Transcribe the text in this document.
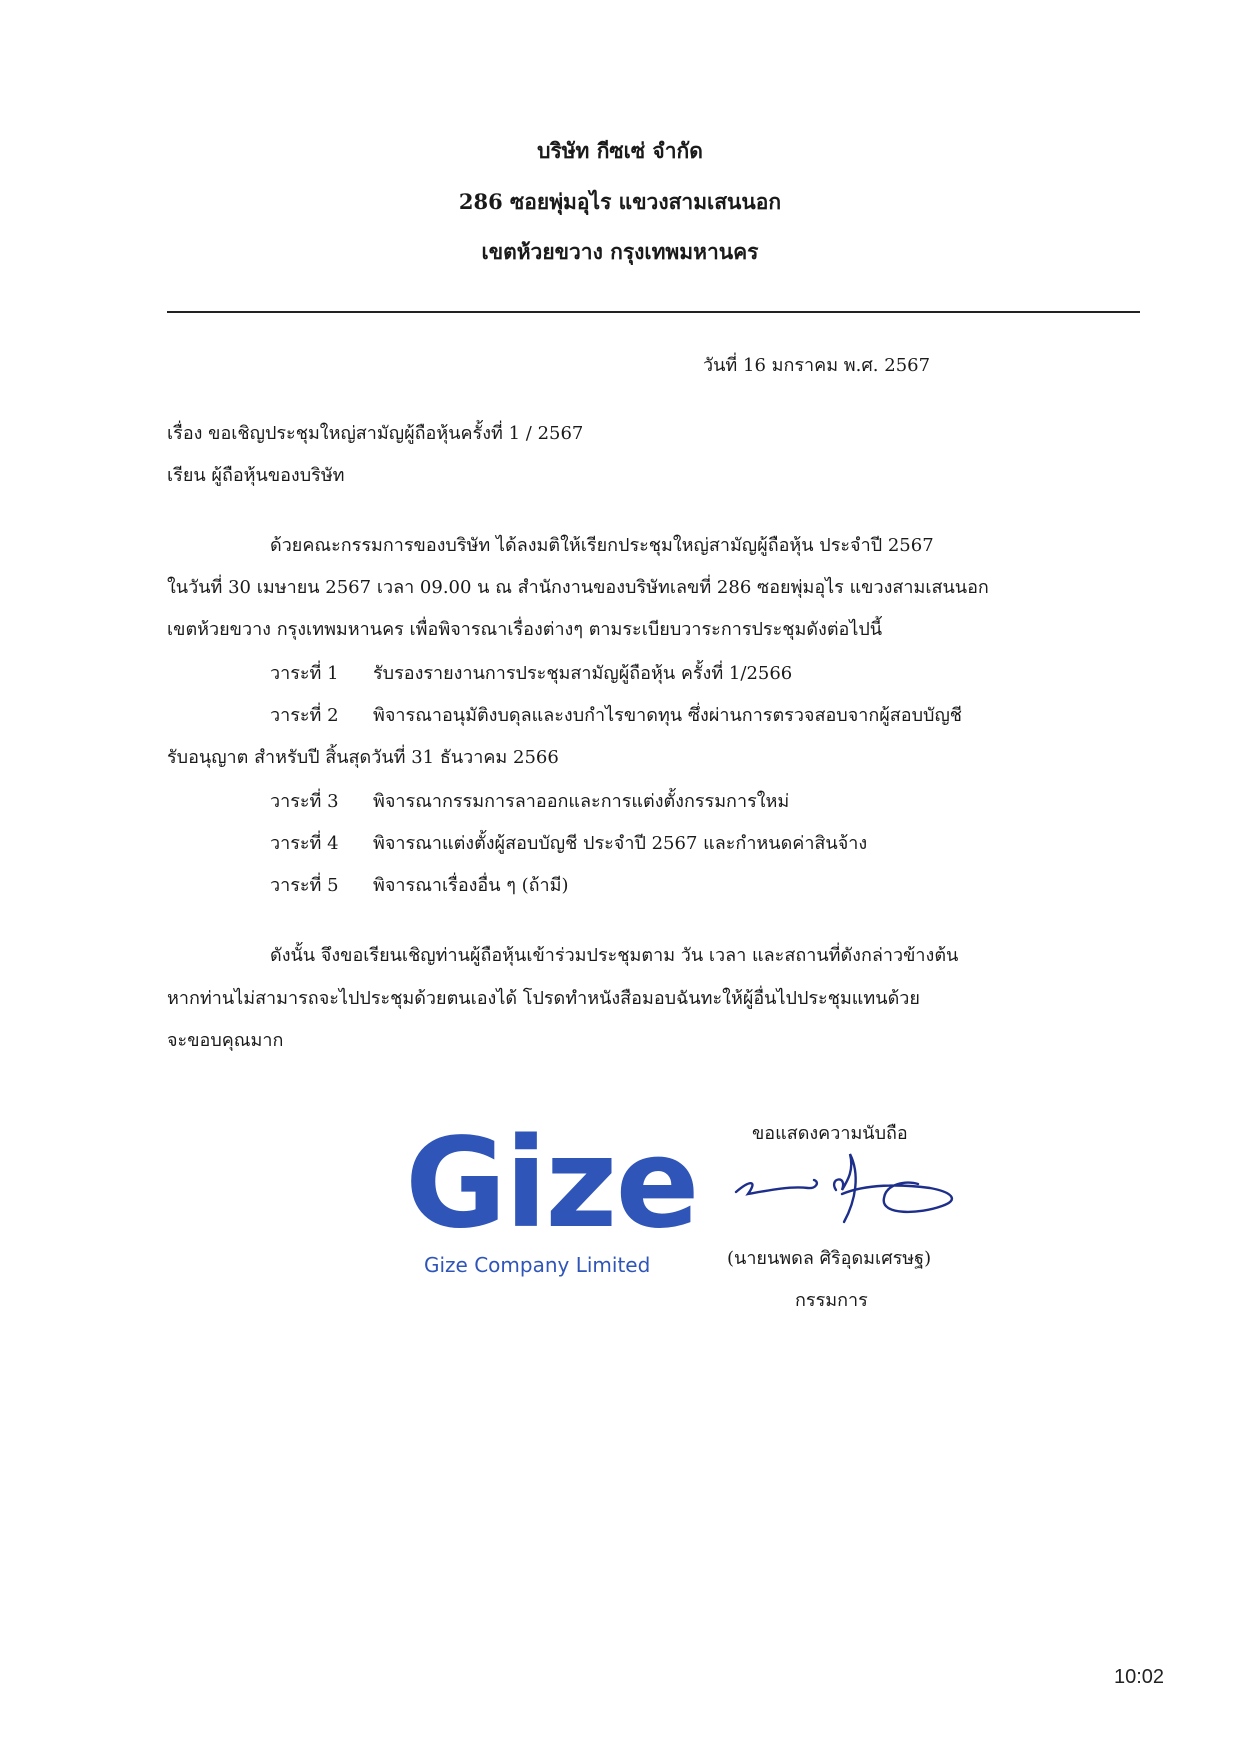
บริษัท กีซเซ่ จำกัด
286 ซอยพุ่มอุไร แขวงสามเสนนอก
เขตห้วยขวาง กรุงเทพมหานคร
วันที่ 16 มกราคม พ.ศ. 2567
เรื่อง ขอเชิญประชุมใหญ่สามัญผู้ถือหุ้นครั้งที่ 1 / 2567
เรียน ผู้ถือหุ้นของบริษัท
ด้วยคณะกรรมการของบริษัท ได้ลงมติให้เรียกประชุมใหญ่สามัญผู้ถือหุ้น ประจำปี 2567
ในวันที่ 30 เมษายน 2567 เวลา 09.00 น ณ สำนักงานของบริษัทเลขที่ 286 ซอยพุ่มอุไร แขวงสามเสนนอก
เขตห้วยขวาง กรุงเทพมหานคร เพื่อพิจารณาเรื่องต่างๆ ตามระเบียบวาระการประชุมดังต่อไปนี้
วาระที่ 1 รับรองรายงานการประชุมสามัญผู้ถือหุ้น ครั้งที่ 1/2566
วาระที่ 2 พิจารณาอนุมัติงบดุลและงบกำไรขาดทุน ซึ่งผ่านการตรวจสอบจากผู้สอบบัญชี
รับอนุญาต สำหรับปี สิ้นสุดวันที่ 31 ธันวาคม 2566
วาระที่ 3 พิจารณากรรมการลาออกและการแต่งตั้งกรรมการใหม่
วาระที่ 4 พิจารณาแต่งตั้งผู้สอบบัญชี ประจำปี 2567 และกำหนดค่าสินจ้าง
วาระที่ 5 พิจารณาเรื่องอื่น ๆ (ถ้ามี)
ดังนั้น จึงขอเรียนเชิญท่านผู้ถือหุ้นเข้าร่วมประชุมตาม วัน เวลา และสถานที่ดังกล่าวข้างต้น
หากท่านไม่สามารถจะไปประชุมด้วยตนเองได้ โปรดทำหนังสือมอบฉันทะให้ผู้อื่นไปประชุมแทนด้วย
จะขอบคุณมาก
ขอแสดงความนับถือ
Gize
Gize Company Limited	(นายนพดล ศิริอุดมเศรษฐ)
กรรมการ
10:02
